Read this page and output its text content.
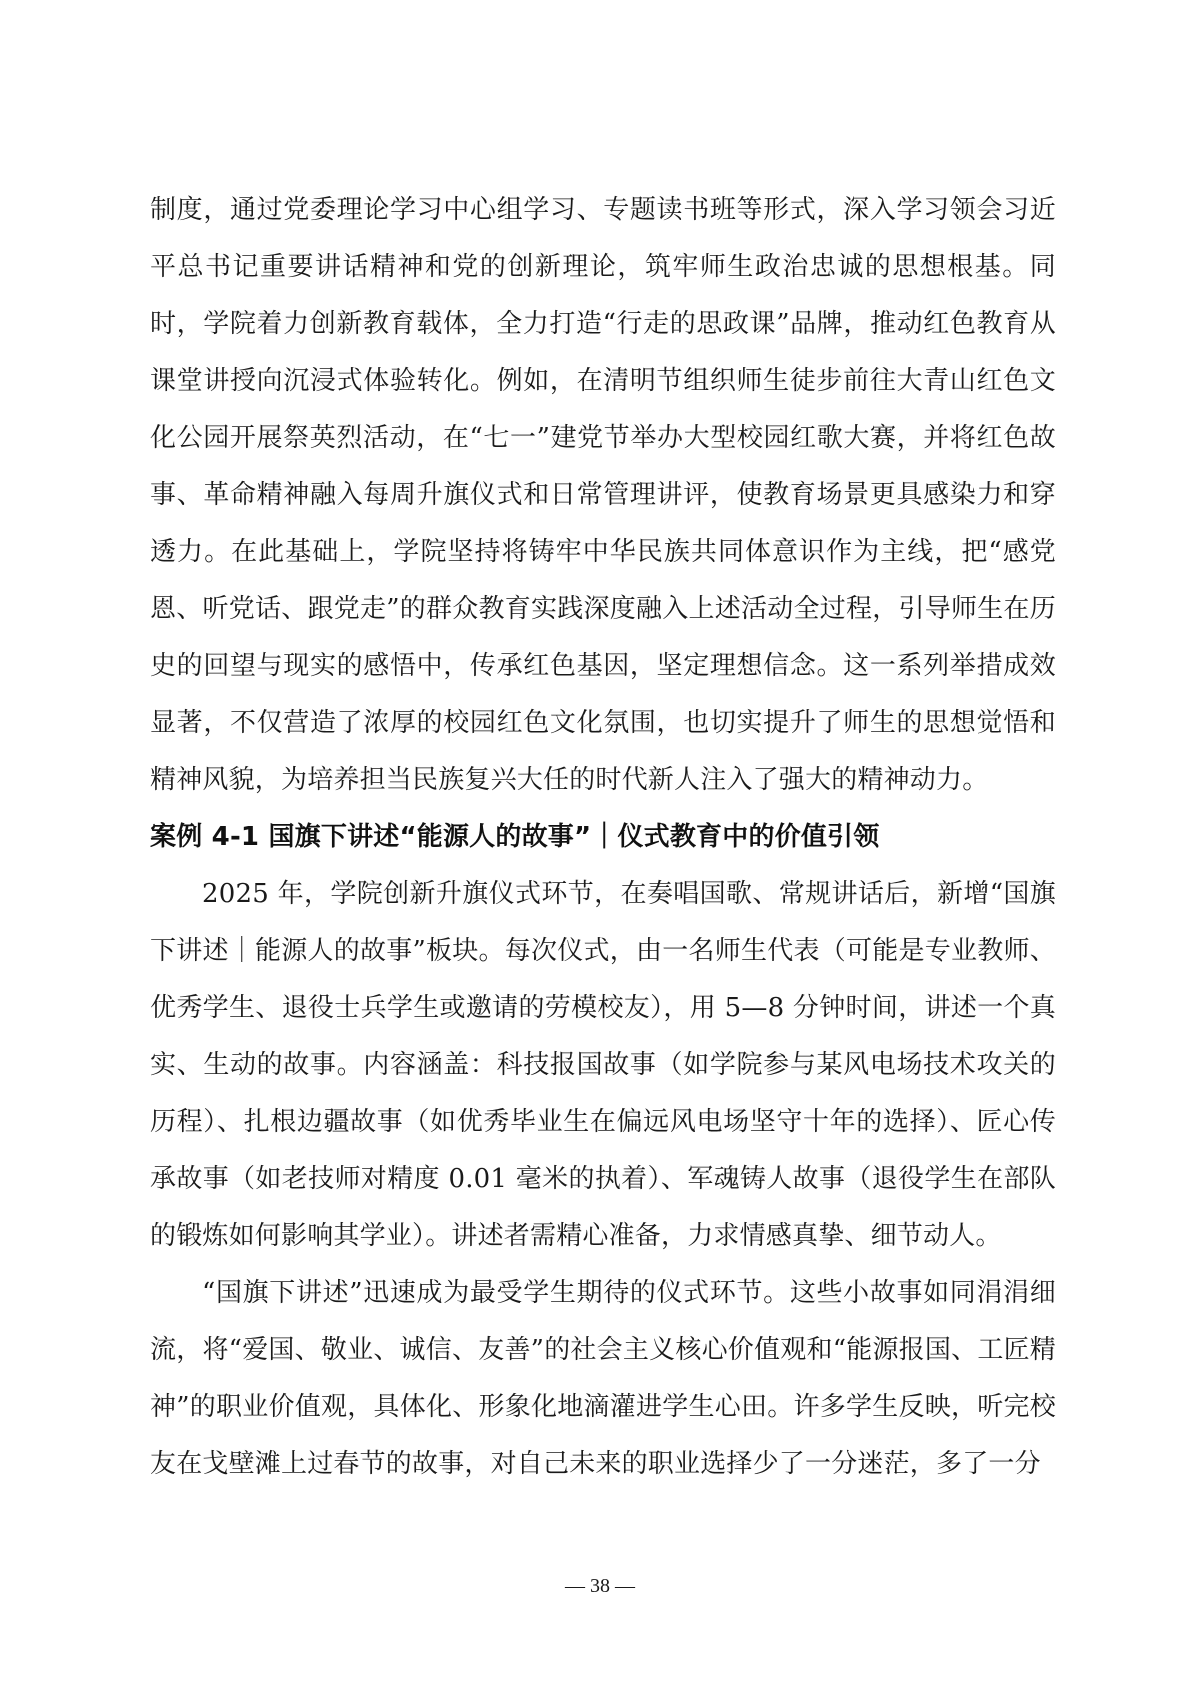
制度，通过党委理论学习中心组学习、专题读书班等形式，深入学习领会习近平总书记重要讲话精神和党的创新理论，筑牢师生政治忠诚的思想根基。同时，学院着力创新教育载体，全力打造“行走的思政课”品牌，推动红色教育从课堂讲授向沉浸式体验转化。例如，在清明节组织师生徒步前往大青山红色文化公园开展祭英烈活动，在“七一”建党节举办大型校园红歌大赛，并将红色故事、革命精神融入每周升旗仪式和日常管理讲评，使教育场景更具感染力和穿透力。在此基础上，学院坚持将铸牢中华民族共同体意识作为主线，把“感党恩、听党话、跟党走”的群众教育实践深度融入上述活动全过程，引导师生在历史的回望与现实的感悟中，传承红色基因，坚定理想信念。这一系列举措成效显著，不仅营造了浓厚的校园红色文化氛围，也切实提升了师生的思想觉悟和精神风貌，为培养担当民族复兴大任的时代新人注入了强大的精神动力。

案例 4-1 国旗下讲述“能源人的故事”｜仪式教育中的价值引领

2025 年，学院创新升旗仪式环节，在奏唱国歌、常规讲话后，新增“国旗下讲述｜能源人的故事”板块。每次仪式，由一名师生代表（可能是专业教师、优秀学生、退役士兵学生或邀请的劳模校友），用 5—8 分钟时间，讲述一个真实、生动的故事。内容涵盖：科技报国故事（如学院参与某风电场技术攻关的历程）、扎根边疆故事（如优秀毕业生在偏远风电场坚守十年的选择）、匠心传承故事（如老技师对精度 0.01 毫米的执着）、军魂铸人故事（退役学生在部队的锻炼如何影响其学业）。讲述者需精心准备，力求情感真挚、细节动人。

“国旗下讲述”迅速成为最受学生期待的仪式环节。这些小故事如同涓涓细流，将“爱国、敬业、诚信、友善”的社会主义核心价值观和“能源报国、工匠精神”的职业价值观，具体化、形象化地滴灌进学生心田。许多学生反映，听完校友在戈壁滩上过春节的故事，对自己未来的职业选择少了一分迷茫，多了一分

— 38 —
